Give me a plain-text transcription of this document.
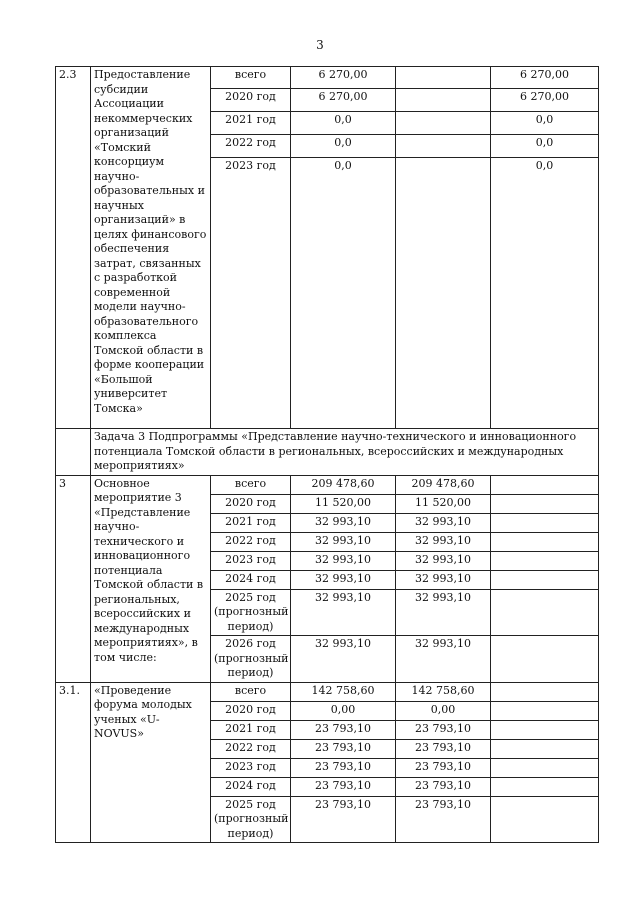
3
2.3	Предоставление субсидии Ассоциации некоммерческих организаций «Томский консорциум научно-образовательных и научных организаций» в целях финансового обеспечения затрат, связанных с разработкой современной модели научно-образовательного комплекса Томской области в форме кооперации «Большой университет Томска»	всего	6 270,00		6 270,00
		2020 год	6 270,00		6 270,00
		2021 год	0,0		0,0
		2022 год	0,0		0,0
		2023 год	0,0		0,0
	Задача 3 Подпрограммы «Представление научно-технического и инновационного потенциала Томской области в региональных, всероссийских и международных мероприятиях»				
3	Основное мероприятие 3 «Представление научно-технического и инновационного потенциала Томской области в региональных, всероссийских и международных мероприятиях», в том числе:	всего	209 478,60	209 478,60	
		2020 год	11 520,00	11 520,00	
		2021 год	32 993,10	32 993,10	
		2022 год	32 993,10	32 993,10	
		2023 год	32 993,10	32 993,10	
		2024 год	32 993,10	32 993,10	
		2025 год (прогнозный период)	32 993,10	32 993,10	
		2026 год (прогнозный период)	32 993,10	32 993,10	
3.1.	«Проведение форума молодых ученых «U-NOVUS»	всего	142 758,60	142 758,60	
		2020 год	0,00	0,00	
		2021 год	23 793,10	23 793,10	
		2022 год	23 793,10	23 793,10	
		2023 год	23 793,10	23 793,10	
		2024 год	23 793,10	23 793,10	
		2025 год (прогнозный период)	23 793,10	23 793,10	
